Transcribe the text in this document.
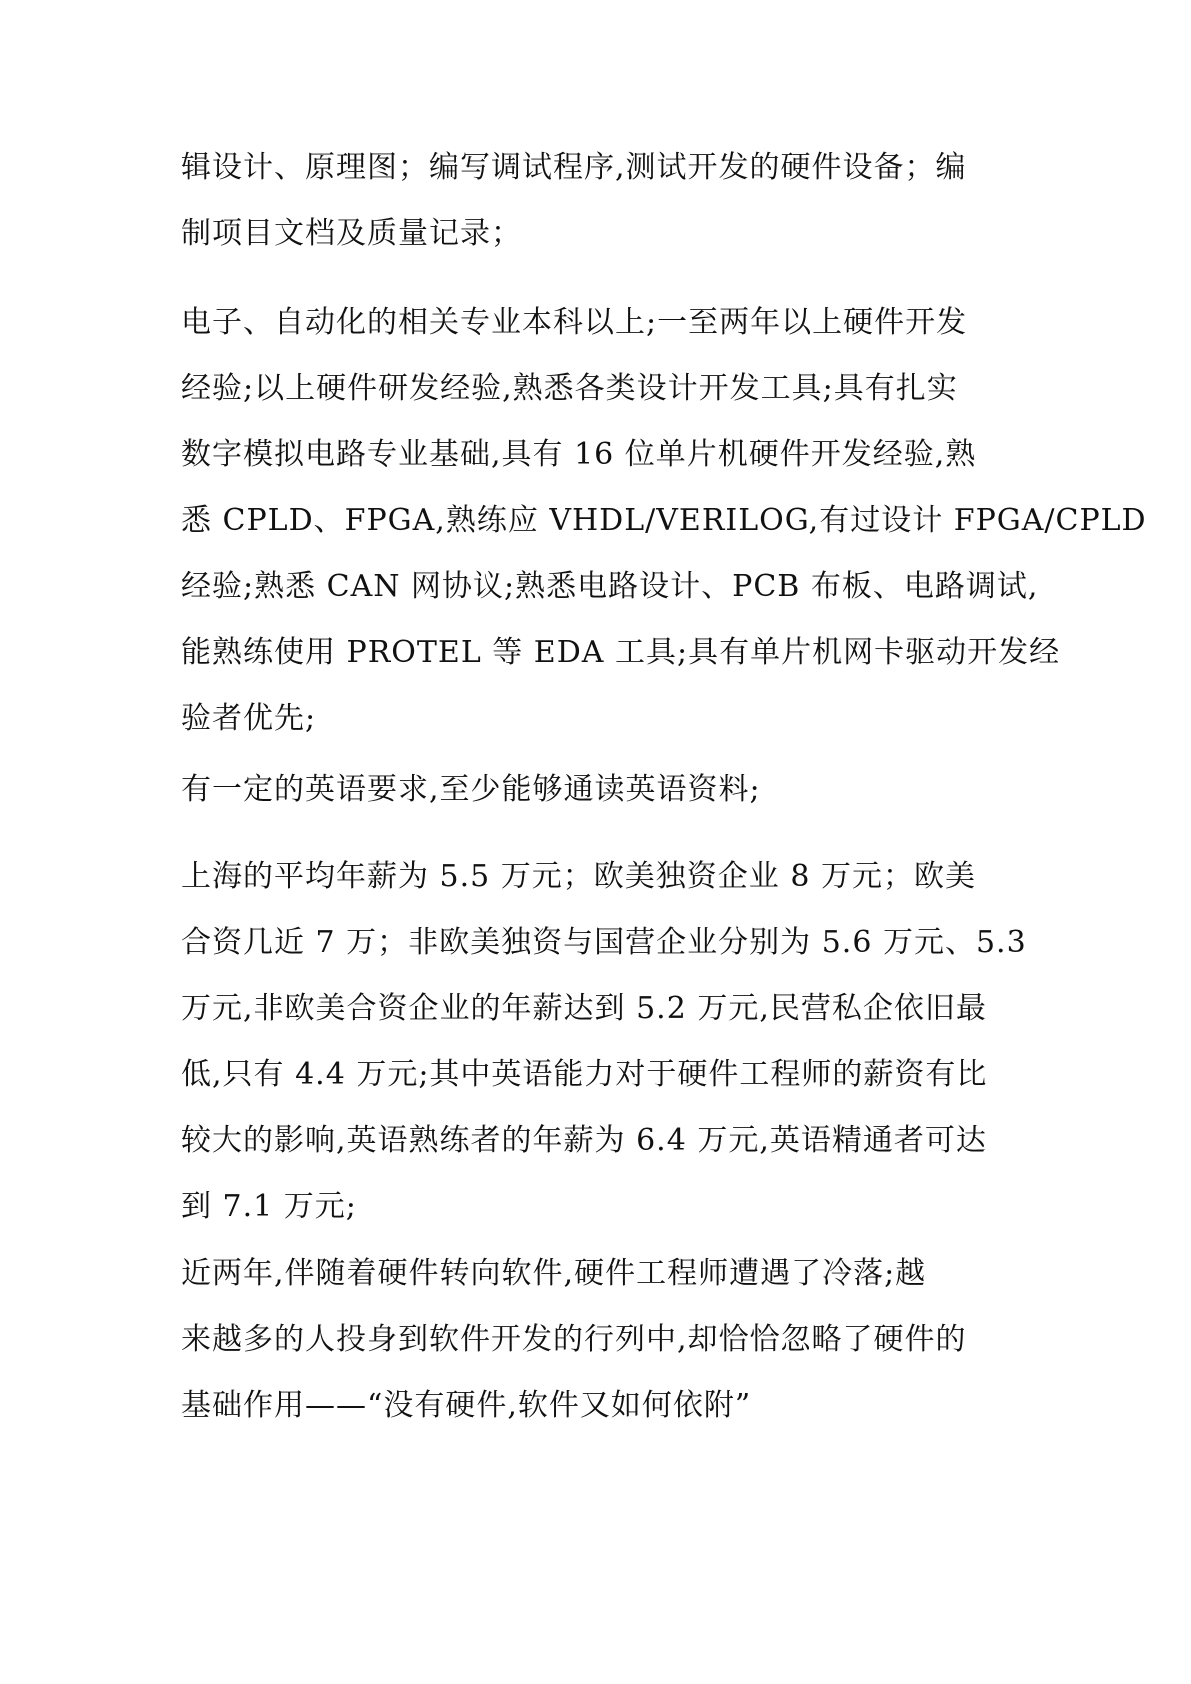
辑设计、原理图；编写调试程序,测试开发的硬件设备；编
制项目文档及质量记录；
电子、自动化的相关专业本科以上;一至两年以上硬件开发
经验;以上硬件研发经验,熟悉各类设计开发工具;具有扎实
数字模拟电路专业基础,具有 16 位单片机硬件开发经验,熟
悉 CPLD、FPGA,熟练应 VHDL/VERILOG,有过设计 FPGA/CPLD
经验;熟悉 CAN 网协议;熟悉电路设计、PCB 布板、电路调试,
能熟练使用 PROTEL 等 EDA 工具;具有单片机网卡驱动开发经
验者优先;
有一定的英语要求,至少能够通读英语资料;
上海的平均年薪为 5.5 万元；欧美独资企业 8 万元；欧美
合资几近 7 万；非欧美独资与国营企业分别为 5.6 万元、5.3
万元,非欧美合资企业的年薪达到 5.2 万元,民营私企依旧最
低,只有 4.4 万元;其中英语能力对于硬件工程师的薪资有比
较大的影响,英语熟练者的年薪为 6.4 万元,英语精通者可达
到 7.1 万元;
近两年,伴随着硬件转向软件,硬件工程师遭遇了冷落;越
来越多的人投身到软件开发的行列中,却恰恰忽略了硬件的
基础作用——“没有硬件,软件又如何依附”
